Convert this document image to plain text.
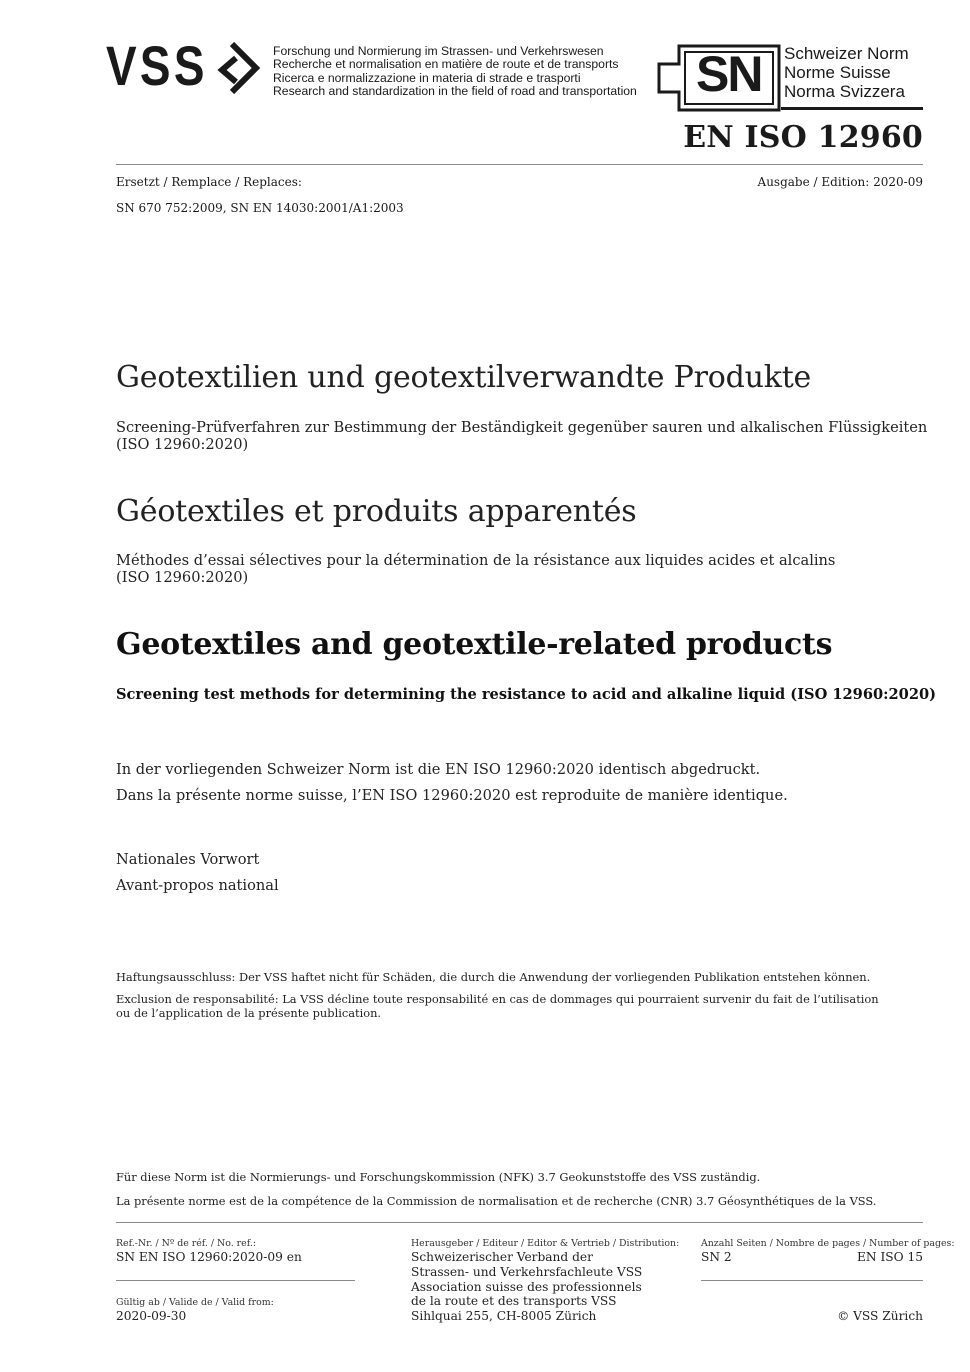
VSS	Forschung und Normierung im Strassen- und Verkehrswesen
Recherche et normalisation en matière de route et de transports
Ricerca e normalizzazione in materia di strade e trasporti
Research and standardization in the field of road and transportation SN Schweizer Norm
Norme Suisse
Norma Svizzera
EN ISO 12960
Ersetzt / Remplace / Replaces:	Ausgabe / Edition: 2020-09
SN 670 752:2009, SN EN 14030:2001/A1:2003
Geotextilien und geotextilverwandte Produkte
Screening-Prüfverfahren zur Bestimmung der Beständigkeit gegenüber sauren und alkalischen Flüssigkeiten
(ISO 12960:2020)
Géotextiles et produits apparentés
Méthodes d’essai sélectives pour la détermination de la résistance aux liquides acides et alcalins
(ISO 12960:2020)
Geotextiles and geotextile-related products
Screening test methods for determining the resistance to acid and alkaline liquid (ISO 12960:2020)
In der vorliegenden Schweizer Norm ist die EN ISO 12960:2020 identisch abgedruckt.
Dans la présente norme suisse, l’EN ISO 12960:2020 est reproduite de manière identique.
Nationales Vorwort
Avant-propos national
Haftungsausschluss: Der VSS haftet nicht für Schäden, die durch die Anwendung der vorliegenden Publikation entstehen können.
Exclusion de responsabilité: La VSS décline toute responsabilité en cas de dommages qui pourraient survenir du fait de l’utilisation
ou de l’application de la présente publication.
Für diese Norm ist die Normierungs- und Forschungskommission (NFK) 3.7 Geokunststoffe des VSS zuständig.
La présente norme est de la compétence de la Commission de normalisation et de recherche (CNR) 3.7 Géosynthétiques de la VSS.
Ref.-Nr. / Nº de réf. / No. ref.:
SN EN ISO 12960:2020-09 en
Gültig ab / Valide de / Valid from:
2020-09-30
Herausgeber / Editeur / Editor & Vertrieb / Distribution:
Schweizerischer Verband der
Strassen- und Verkehrsfachleute VSS
Association suisse des professionnels
de la route et des transports VSS
Sihlquai 255, CH-8005 Zürich
Anzahl Seiten / Nombre de pages / Number of pages:
SN 2	EN ISO 15
© VSS Zürich
